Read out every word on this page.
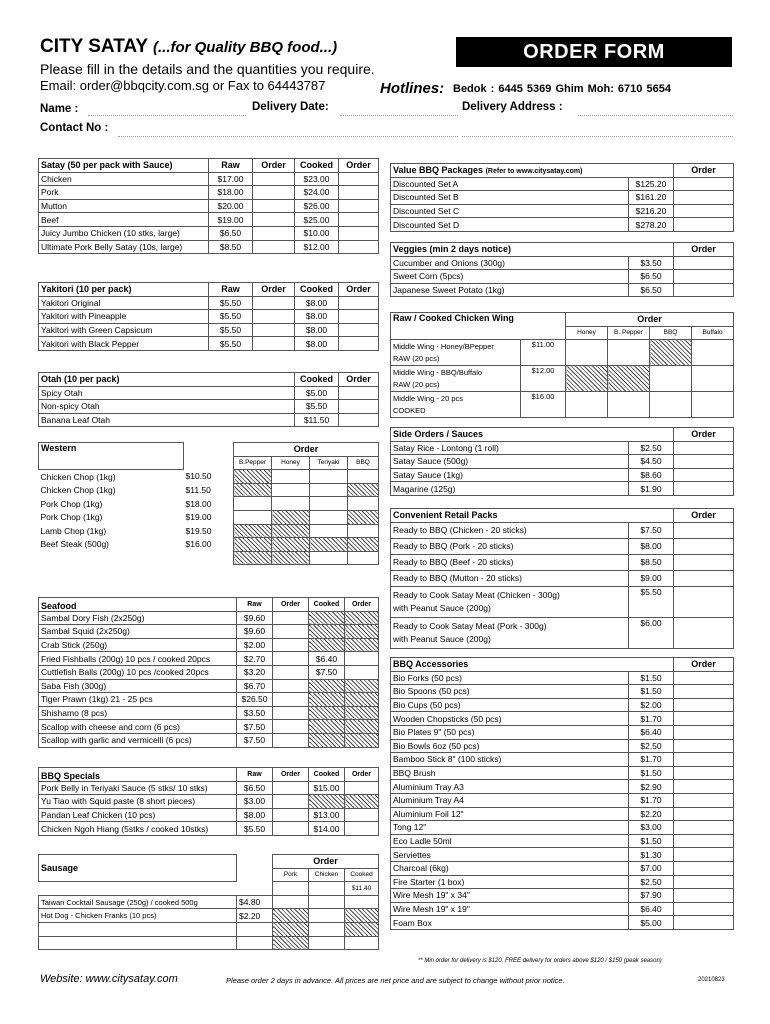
CITY SATAY (...for Quality BBQ food...)	ORDER FORM
Please fill in the details and the quantities you require.
Email: order@bbqcity.com.sg or Fax to 64443787	Hotlines: Bedok : 6445 5369 Ghim Moh: 6710 5654
Name :	Delivery Date:	Delivery Address :
Contact No :
Satay (50 per pack with Sauce)	Raw	Order	Cooked	Order
Chicken	$17.00		$23.00	
Pork	$18.00		$24.00	
Mutton	$20.00		$26.00	
Beef	$19.00		$25.00	
Juicy Jumbo Chicken (10 stks, large)	$6.50		$10.00	
Ultimate Pork Belly Satay (10s, large)	$8.50		$12.00	
Yakitori (10 per pack)	Raw	Order	Cooked	Order
Yakitori Original	$5.50		$8.00	
Yakitori with Pineapple	$5.50		$8.00	
Yakitori with Green Capsicum	$5.50		$8.00	
Yakitori with Black Pepper	$5.50		$8.00	
Otah (10 per pack)	Cooked	Order
Spicy Otah	$5.00	
Non-spicy Otah	$5.50	
Banana Leaf Otah	$11.50	
Western		Order			
		B.Pepper	Honey	Teriyaki	BBQ
Chicken Chop (1kg)	$10.50				
Chicken Chop (1kg)	$11.50				
Pork Chop (1kg)	$18.00				
Pork Chop (1kg)	$19.00				
Lamb Chop (1kg)	$19.50				
Beef Steak (500g)	$16.00				

Seafood	Raw	Order	Cooked	Order
Sambal Dory Fish (2x250g)	$9.60			
Sambal Squid (2x250g)	$9.60			
Crab Stick (250g)	$2.00			
Fried Fishballs (200g) 10 pcs / cooked 20pcs	$2.70		$6.40	
Cuttlefish Balls (200g) 10 pcs /cooked 20pcs	$3.20		$7.50	
Saba Fish (300g)	$6.70			
Tiger Prawn (1kg) 21 - 25 pcs	$26.50			
Shishamo (8 pcs)	$3.50			
Scallop with cheese and corn (6 pcs)	$7.50			
Scallop with garlic and vermicelli (6 pcs)	$7.50			
BBQ Specials	Raw	Order	Cooked	Order
Pork Belly in Teriyaki Sauce (5 stks/ 10 stks)	$6.50		$15.00	
Yu Tiao with Squid paste (8 short pieces)	$3.00			
Pandan Leaf Chicken (10 pcs)	$8.00		$13.00	
Chicken Ngoh Hiang (5stks / cooked 10stks)	$5.50		$14.00	
Sausage		Order		
		Pork	Chicken	Cooked
				$11.40
Taiwan Cocktail Sausage (250g) / cooked 500g	$4.80			
Hot Dog - Chicken Franks (10 pcs)	$2.20			

Value BBQ Packages (Refer to www.citysatay.com)		Order
Discounted Set A	$125.20	
Discounted Set B	$161.20	
Discounted Set C	$216.20	
Discounted Set D	$278.20	
Veggies (min 2 days notice)		Order
Cucumber and Onions (300g)	$3.50	
Sweet Corn (5pcs)	$6.50	
Japanese Sweet Potato (1kg)	$6.50	
Raw / Cooked Chicken Wing		Order			
		Honey	B. Pepper	BBQ	Buffalo

Middle Wing - Honey/BPepper
RAW (20 pcs)	$11.00				

Middle Wing - BBQ/Buffalo
RAW (20 pcs)	$12.00				

Middle Wing - 20 pcs
COOKED	$16.00				
Side Orders / Sauces		Order
Satay Rice - Lontong (1 roll)	$2.50	
Satay Sauce (500g)	$4.50	
Satay Sauce (1kg)	$8.60	
Magarine (125g)	$1.90	
Convenient Retail Packs		Order

Ready to BBQ (Chicken - 20 sticks)	$7.50	

Ready to BBQ (Pork - 20 sticks)	$8.00	

Ready to BBQ (Beef - 20 sticks)	$8.50	

Ready to BBQ (Mutton - 20 sticks)	$9.00	

Ready to Cook Satay Meat (Chicken - 300g)
with Peanut Sauce (200g)	$5.50	

Ready to Cook Satay Meat (Pork - 300g)
with Peanut Sauce (200g)	$6.00	
BBQ Accessories		Order
Bio Forks (50 pcs)	$1.50	
Bio Spoons (50 pcs)	$1.50	
Bio Cups (50 pcs)	$2.00	
Wooden Chopsticks (50 pcs)	$1.70	
Bio Plates 9" (50 pcs)	$6.40	
Bio Bowls 6oz (50 pcs)	$2.50	
Bamboo Stick 8" (100 sticks)	$1.70	
BBQ Brush	$1.50	
Aluminium Tray A3	$2.90	
Aluminium Tray A4	$1.70	
Aluminium Foil 12"	$2.20	
Tong 12"	$3.00	
Eco Ladle 50ml	$1.50	
Serviettes	$1.30	
Charcoal (6kg)	$7.00	
Fire Starter (1 box)	$2.50	
Wire Mesh 19" x 34"	$7.90	
Wire Mesh 19" x 19"	$6.40	
Foam Box	$5.00	
** Min order for delivery is $120. FREE delivery for orders above $120 / $150 (peak season)
Website: www.citysatay.com	Please order 2 days in advance. All prices are net price and are subject to change without prior notice.	20210823
